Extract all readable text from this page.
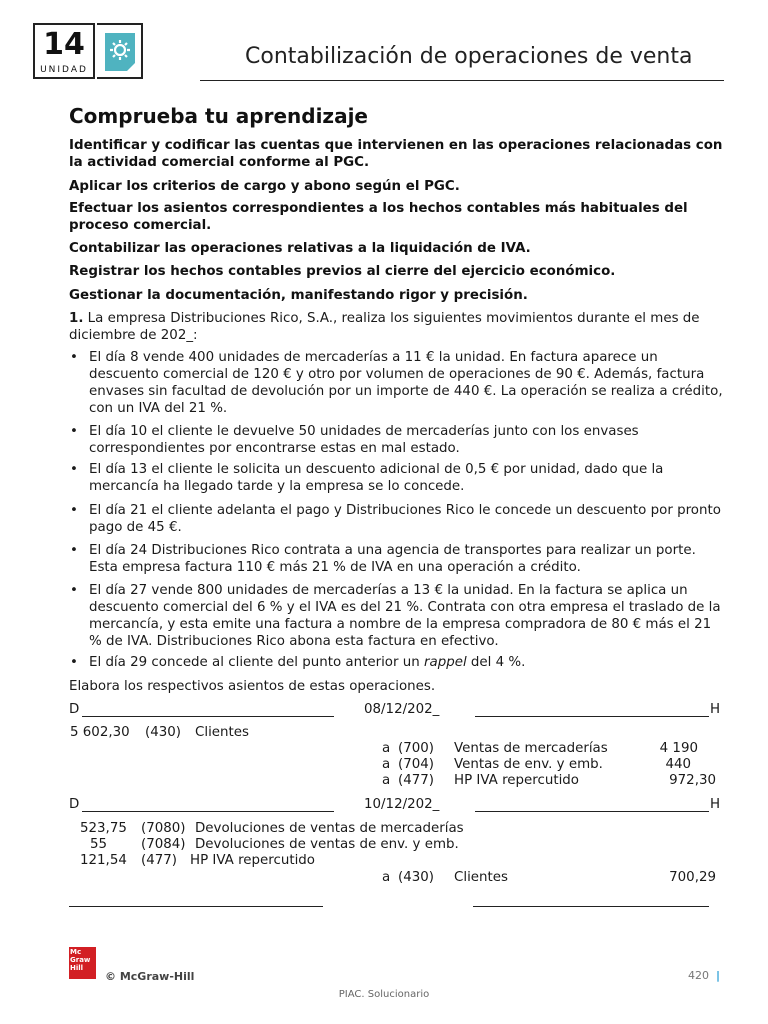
14
UNIDAD
Contabilización de operaciones de venta
Comprueba tu aprendizaje
Identificar y codificar las cuentas que intervienen en las operaciones relacionadas con la actividad comercial conforme al PGC.
Aplicar los criterios de cargo y abono según el PGC.
Efectuar los asientos correspondientes a los hechos contables más habituales del proceso comercial.
Contabilizar las operaciones relativas a la liquidación de IVA.
Registrar los hechos contables previos al cierre del ejercicio económico.
Gestionar la documentación, manifestando rigor y precisión.
1. La empresa Distribuciones Rico, S.A., realiza los siguientes movimientos durante el mes de diciembre de 202_:
• El día 8 vende 400 unidades de mercaderías a 11 € la unidad. En factura aparece un descuento comercial de 120 € y otro por volumen de operaciones de 90 €. Además, factura envases sin facultad de devolución por un importe de 440 €. La operación se realiza a crédito, con un IVA del 21 %.
• El día 10 el cliente le devuelve 50 unidades de mercaderías junto con los envases correspondientes por encontrarse estas en mal estado.
• El día 13 el cliente le solicita un descuento adicional de 0,5 € por unidad, dado que la mercancía ha llegado tarde y la empresa se lo concede.
• El día 21 el cliente adelanta el pago y Distribuciones Rico le concede un descuento por pronto pago de 45 €.
• El día 24 Distribuciones Rico contrata a una agencia de transportes para realizar un porte. Esta empresa factura 110 € más 21 % de IVA en una operación a crédito.
• El día 27 vende 800 unidades de mercaderías a 13 € la unidad. En la factura se aplica un descuento comercial del 6 % y el IVA es del 21 %. Contrata con otra empresa el traslado de la mercancía, y esta emite una factura a nombre de la empresa compradora de 80 € más el 21 % de IVA. Distribuciones Rico abona esta factura en efectivo.
• El día 29 concede al cliente del punto anterior un rappel del 4 %.
Elabora los respectivos asientos de estas operaciones.
D	08/12/202_	H
5 602,30 (430) Clientes
a (700) Ventas de mercaderías	4 190
a (704) Ventas de env. y emb.	440
a (477) HP IVA repercutido	972,30
D	10/12/202_	H
523,75 (7080) Devoluciones de ventas de mercaderías
55	(7084) Devoluciones de ventas de env. y emb.
121,54 (477) HP IVA repercutido
a (430) Clientes	700,29
Mc Graw Hill
© McGraw-Hill	420 |
PIAC. Solucionario
